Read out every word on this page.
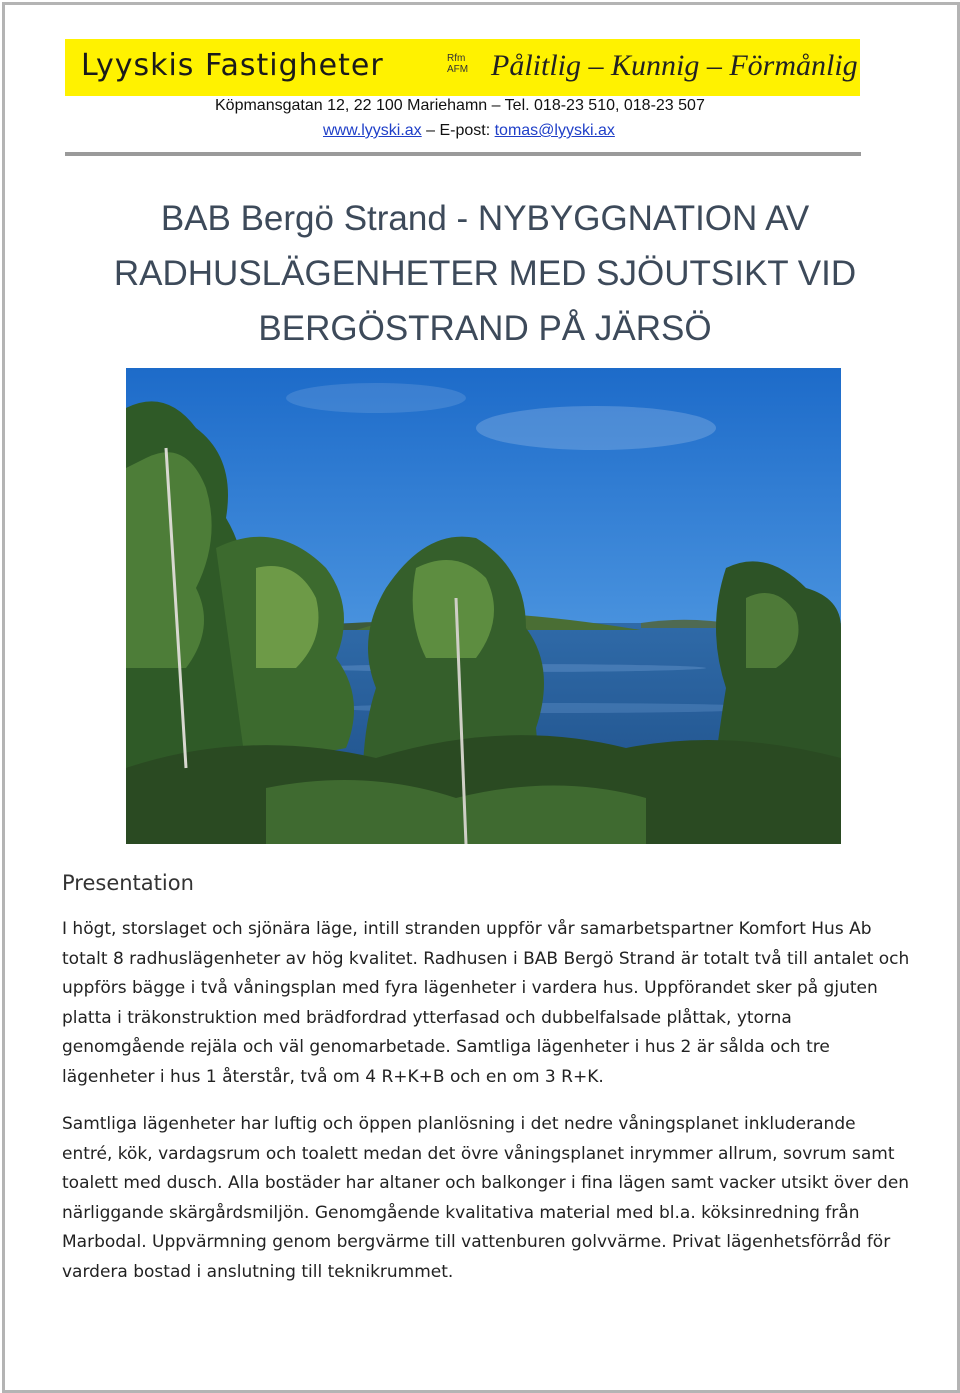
Lyyskis Fastigheter	Rfm
AFM Pålitlig – Kunnig – Förmånlig
Köpmansgatan 12, 22 100 Mariehamn – Tel. 018-23 510, 018-23 507
www.lyyski.ax – E-post: tomas@lyyski.ax
BAB Bergö Strand - NYBYGGNATION AV
RADHUSLÄGENHETER MED SJÖUTSIKT VID
BERGÖSTRAND PÅ JÄRSÖ
Presentation
I högt, storslaget och sjönära läge, intill stranden uppför vår samarbetspartner Komfort Hus Ab
totalt 8 radhuslägenheter av hög kvalitet. Radhusen i BAB Bergö Strand är totalt två till antalet och
uppförs bägge i två våningsplan med fyra lägenheter i vardera hus. Uppförandet sker på gjuten
platta i träkonstruktion med brädfordrad ytterfasad och dubbelfalsade plåttak, ytorna
genomgående rejäla och väl genomarbetade. Samtliga lägenheter i hus 2 är sålda och tre
lägenheter i hus 1 återstår, två om 4 R+K+B och en om 3 R+K.
Samtliga lägenheter har luftig och öppen planlösning i det nedre våningsplanet inkluderande
entré, kök, vardagsrum och toalett medan det övre våningsplanet inrymmer allrum, sovrum samt
toalett med dusch. Alla bostäder har altaner och balkonger i fina lägen samt vacker utsikt över den
närliggande skärgårdsmiljön. Genomgående kvalitativa material med bl.a. köksinredning från
Marbodal. Uppvärmning genom bergvärme till vattenburen golvvärme. Privat lägenhetsförråd för
vardera bostad i anslutning till teknikrummet.
